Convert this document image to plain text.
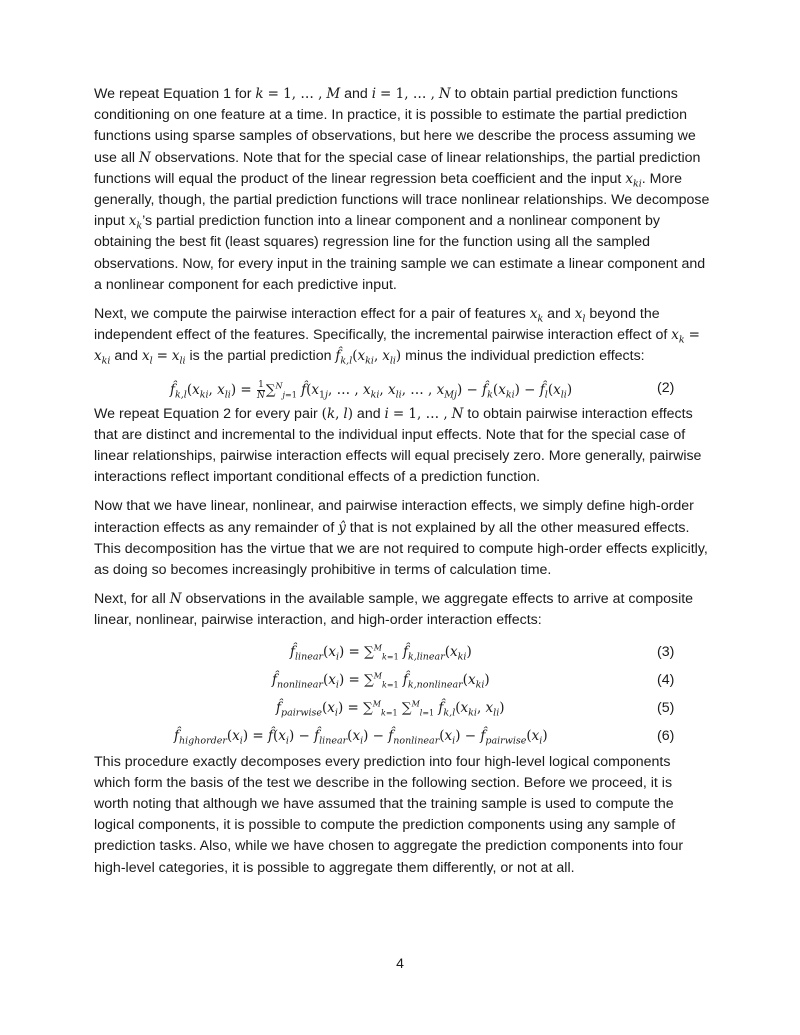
We repeat Equation 1 for k = 1, … , M and i = 1, … , N to obtain partial prediction functions conditioning on one feature at a time. In practice, it is possible to estimate the partial prediction functions using sparse samples of observations, but here we describe the process assuming we use all N observations. Note that for the special case of linear relationships, the partial prediction functions will equal the product of the linear regression beta coefficient and the input $x_{ki}$. More generally, though, the partial prediction functions will trace nonlinear relationships. We decompose input $x_k’s$ partial prediction function into a linear component and a nonlinear component by obtaining the best fit (least squares) regression line for the function using all the sampled observations. Now, for every input in the training sample we can estimate a linear component and a nonlinear component for each predictive input.

Next, we compute the pairwise interaction effect for a pair of features $x_k$ and $x_l$ beyond the independent effect of the features. Specifically, the incremental pairwise interaction effect of $x_k = x_{ki}$ and $x_l = x_{li}$ is the partial prediction $f̂_{k,l}(x_{ki}$, $x_{li}$) minus the individual prediction effects:

$f̂_{k,l}(x_{ki}$, $x_{li}) = \frac{1}{N} \sum^N_{j=1}$ $f̂(x_{1j}$, … , $x_{ki}$, $x_{li}$, … , $x_{Mj}$) − $f̂_k(x_{ki})$ − $f̂_l(x_{li})$	(2)

We repeat Equation 2 for every pair (k, l) and i = 1, … , N to obtain pairwise interaction effects that are distinct and incremental to the individual input effects. Note that for the special case of linear relationships, pairwise interaction effects will equal precisely zero. More generally, pairwise interactions reflect important conditional effects of a prediction function.

Now that we have linear, nonlinear, and pairwise interaction effects, we simply define high-order interaction effects as any remainder of ŷ that is not explained by all the other measured effects. This decomposition has the virtue that we are not required to compute high-order effects explicitly, as doing so becomes increasingly prohibitive in terms of calculation time.

Next, for all N observations in the available sample, we aggregate effects to arrive at composite linear, nonlinear, pairwise interaction, and high-order interaction effects:

$f̂_{linear}(x_i) = \sum^M_{k=1}$ $f̂_{k,linear}(x_{ki})$	(3)
$f̂_{nonlinear}(x_i) = \sum^M_{k=1}$ $f̂_{k,nonlinear}(x_{ki})$	(4)
$f̂_{pairwise}(x_i) = \sum^M_{k=1}$ ∑$^M_{l=1}$ $f̂_{k,l}(x_{ki}$, $x_{li}$)	(5)
$f̂_{highorder}(x_i)$ = $f̂(x_i)$ − $f̂_{linear}(x_i)$ − $f̂_{nonlinear}(x_i)$ − $f̂_{pairwise}(x_i)$	(6)

This procedure exactly decomposes every prediction into four high-level logical components which form the basis of the test we describe in the following section. Before we proceed, it is worth noting that although we have assumed that the training sample is used to compute the logical components, it is possible to compute the prediction components using any sample of prediction tasks. Also, while we have chosen to aggregate the prediction components into four high-level categories, it is possible to aggregate them differently, or not at all.

4
